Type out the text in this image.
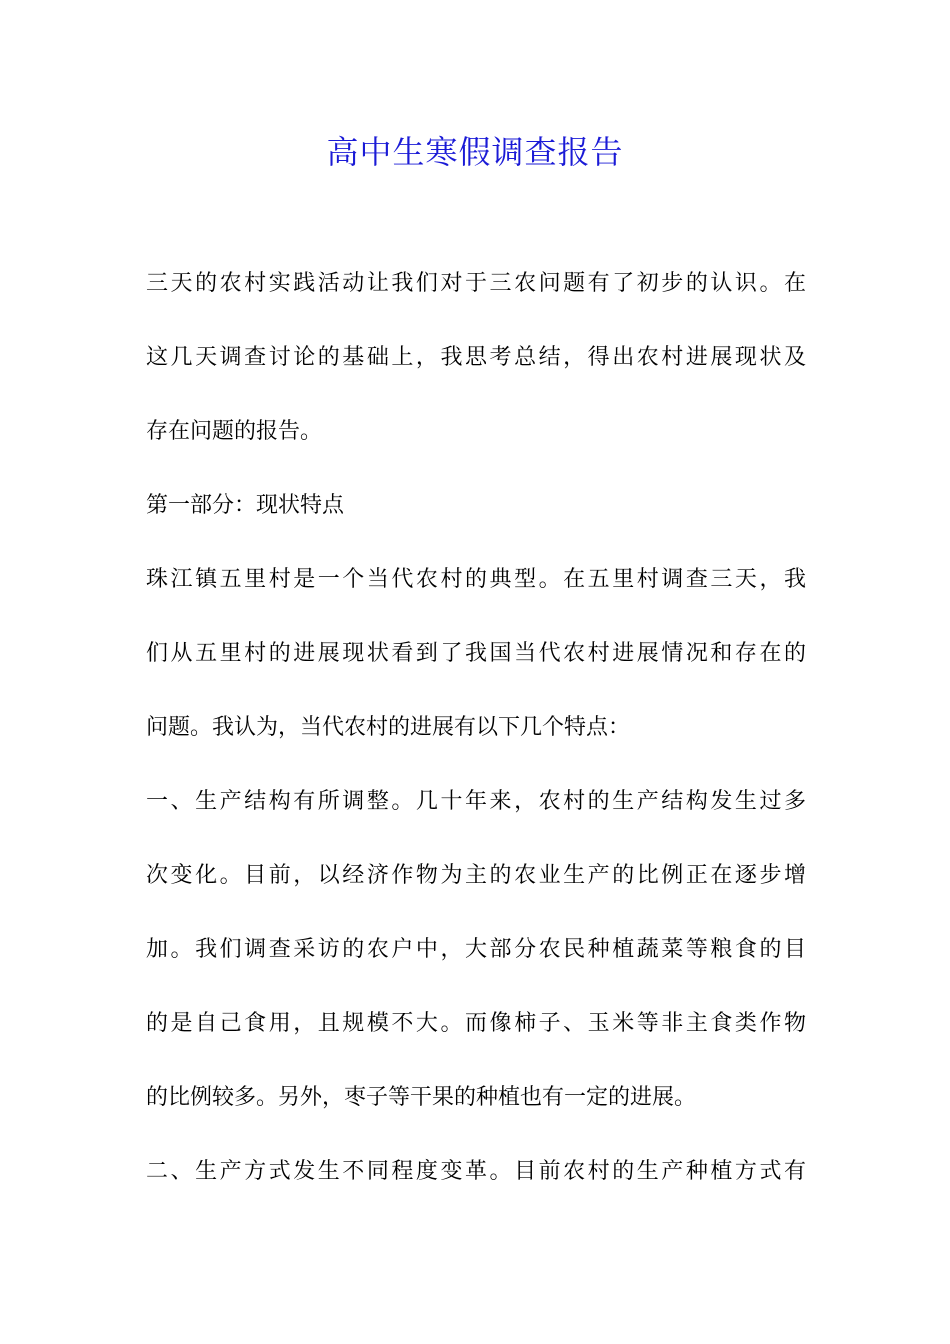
高中生寒假调查报告
三天的农村实践活动让我们对于三农问题有了初步的认识。在
这几天调查讨论的基础上，我思考总结，得出农村进展现状及
存在问题的报告。
第一部分：现状特点
珠江镇五里村是一个当代农村的典型。在五里村调查三天，我
们从五里村的进展现状看到了我国当代农村进展情况和存在的
问题。我认为，当代农村的进展有以下几个特点：
一、生产结构有所调整。几十年来，农村的生产结构发生过多
次变化。目前，以经济作物为主的农业生产的比例正在逐步增
加。我们调查采访的农户中，大部分农民种植蔬菜等粮食的目
的是自己食用，且规模不大。而像柿子、玉米等非主食类作物
的比例较多。另外，枣子等干果的种植也有一定的进展。
二、生产方式发生不同程度变革。目前农村的生产种植方式有
